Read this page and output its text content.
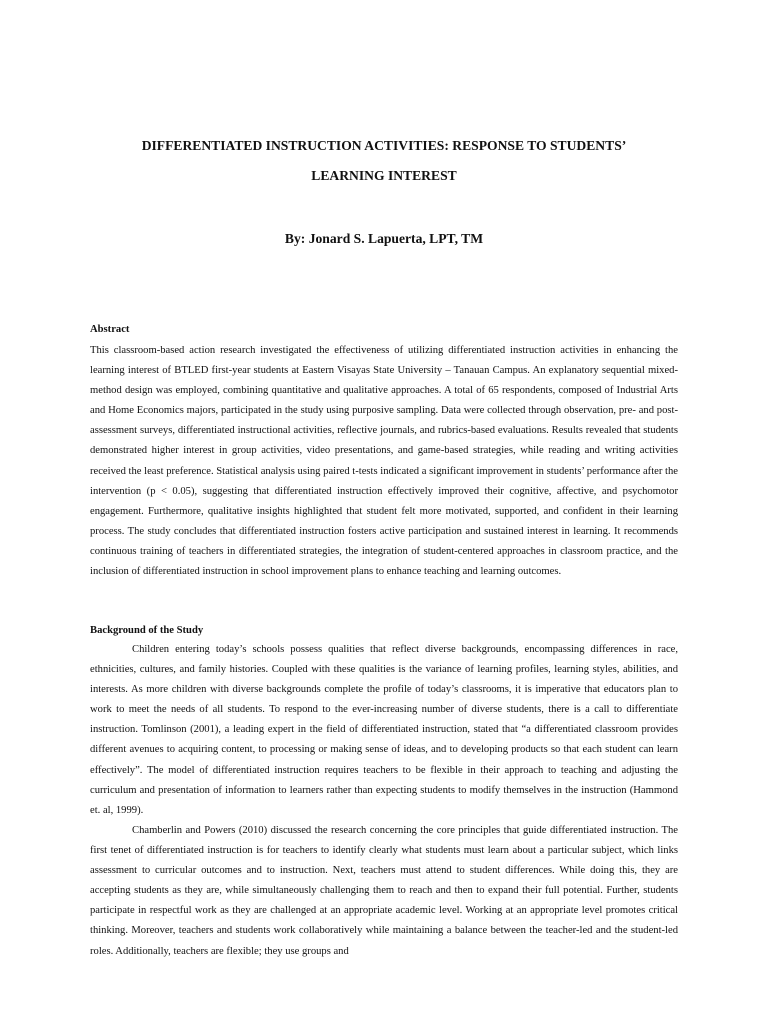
DIFFERENTIATED INSTRUCTION ACTIVITIES: RESPONSE TO STUDENTS’
LEARNING INTEREST

By: Jonard S. Lapuerta, LPT, TM

Abstract

This classroom-based action research investigated the effectiveness of utilizing differentiated instruction activities in enhancing the learning interest of BTLED first-year students at Eastern Visayas State University – Tanauan Campus. An explanatory sequential mixed-method design was employed, combining quantitative and qualitative approaches. A total of 65 respondents, composed of Industrial Arts and Home Economics majors, participated in the study using purposive sampling. Data were collected through observation, pre- and post-assessment surveys, differentiated instructional activities, reflective journals, and rubrics-based evaluations. Results revealed that students demonstrated higher interest in group activities, video presentations, and game-based strategies, while reading and writing activities received the least preference. Statistical analysis using paired t-tests indicated a significant improvement in students’ performance after the intervention (p < 0.05), suggesting that differentiated instruction effectively improved their cognitive, affective, and psychomotor engagement. Furthermore, qualitative insights highlighted that student felt more motivated, supported, and confident in their learning process. The study concludes that differentiated instruction fosters active participation and sustained interest in learning. It recommends continuous training of teachers in differentiated strategies, the integration of student-centered approaches in classroom practice, and the inclusion of differentiated instruction in school improvement plans to enhance teaching and learning outcomes.

Background of the Study

Children entering today’s schools possess qualities that reflect diverse backgrounds, encompassing differences in race, ethnicities, cultures, and family histories. Coupled with these qualities is the variance of learning profiles, learning styles, abilities, and interests. As more children with diverse backgrounds complete the profile of today’s classrooms, it is imperative that educators plan to work to meet the needs of all students. To respond to the ever-increasing number of diverse students, there is a call to differentiate instruction. Tomlinson (2001), a leading expert in the field of differentiated instruction, stated that “a differentiated classroom provides different avenues to acquiring content, to processing or making sense of ideas, and to developing products so that each student can learn effectively”. The model of differentiated instruction requires teachers to be flexible in their approach to teaching and adjusting the curriculum and presentation of information to learners rather than expecting students to modify themselves in the instruction (Hammond et. al, 1999).

Chamberlin and Powers (2010) discussed the research concerning the core principles that guide differentiated instruction. The first tenet of differentiated instruction is for teachers to identify clearly what students must learn about a particular subject, which links assessment to curricular outcomes and to instruction. Next, teachers must attend to student differences. While doing this, they are accepting students as they are, while simultaneously challenging them to reach and then to expand their full potential. Further, students participate in respectful work as they are challenged at an appropriate academic level. Working at an appropriate level promotes critical thinking. Moreover, teachers and students work collaboratively while maintaining a balance between the teacher-led and the student-led roles. Additionally, teachers are flexible; they use groups and
